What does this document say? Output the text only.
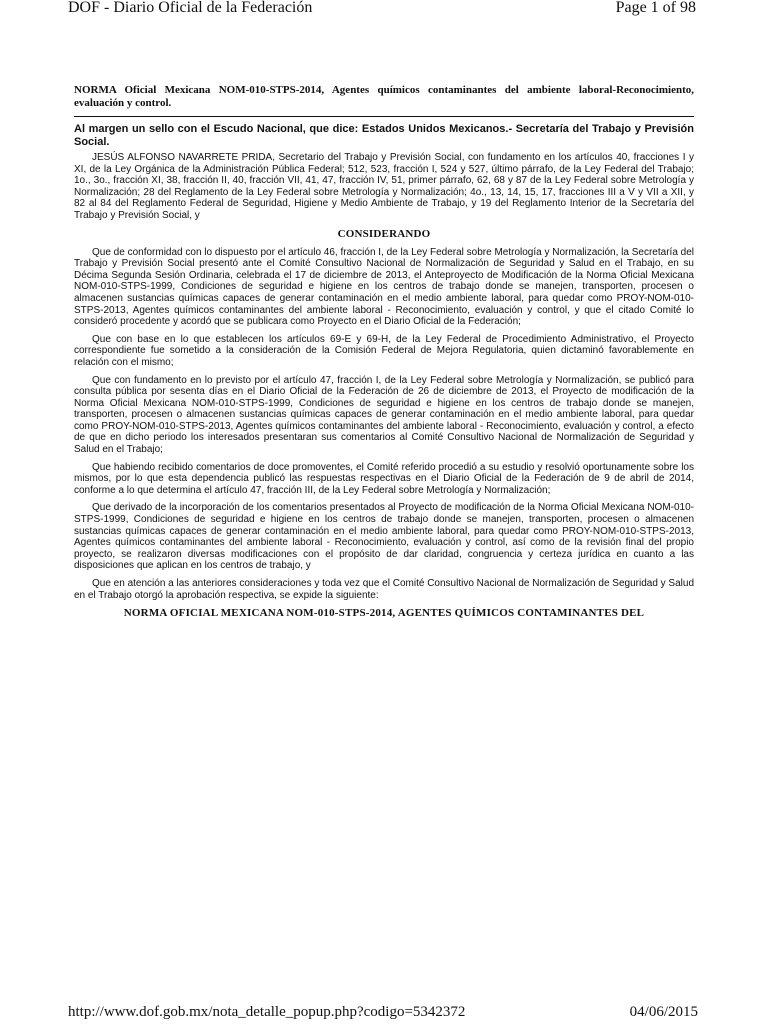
DOF - Diario Oficial de la Federación	Page 1 of 98

NORMA Oficial Mexicana NOM-010-STPS-2014, Agentes químicos contaminantes del ambiente laboral-Reconocimiento, evaluación y control.

Al margen un sello con el Escudo Nacional, que dice: Estados Unidos Mexicanos.- Secretaría del Trabajo y Previsión Social.

JESÚS ALFONSO NAVARRETE PRIDA, Secretario del Trabajo y Previsión Social, con fundamento en los artículos 40, fracciones I y XI, de la Ley Orgánica de la Administración Pública Federal; 512, 523, fracción I, 524 y 527, último párrafo, de la Ley Federal del Trabajo; 1o., 3o., fracción XI, 38, fracción II, 40, fracción VII, 41, 47, fracción IV, 51, primer párrafo, 62, 68 y 87 de la Ley Federal sobre Metrología y Normalización; 28 del Reglamento de la Ley Federal sobre Metrología y Normalización; 4o., 13, 14, 15, 17, fracciones III a V y VII a XII, y 82 al 84 del Reglamento Federal de Seguridad, Higiene y Medio Ambiente de Trabajo, y 19 del Reglamento Interior de la Secretaría del Trabajo y Previsión Social, y

CONSIDERANDO

Que de conformidad con lo dispuesto por el artículo 46, fracción I, de la Ley Federal sobre Metrología y Normalización, la Secretaría del Trabajo y Previsión Social presentó ante el Comité Consultivo Nacional de Normalización de Seguridad y Salud en el Trabajo, en su Décima Segunda Sesión Ordinaria, celebrada el 17 de diciembre de 2013, el Anteproyecto de Modificación de la Norma Oficial Mexicana NOM-010-STPS-1999, Condiciones de seguridad e higiene en los centros de trabajo donde se manejen, transporten, procesen o almacenen sustancias químicas capaces de generar contaminación en el medio ambiente laboral, para quedar como PROY-NOM-010-STPS-2013, Agentes químicos contaminantes del ambiente laboral - Reconocimiento, evaluación y control, y que el citado Comité lo consideró procedente y acordó que se publicara como Proyecto en el Diario Oficial de la Federación;

Que con base en lo que establecen los artículos 69-E y 69-H, de la Ley Federal de Procedimiento Administrativo, el Proyecto correspondiente fue sometido a la consideración de la Comisión Federal de Mejora Regulatoria, quien dictaminó favorablemente en relación con el mismo;

Que con fundamento en lo previsto por el artículo 47, fracción I, de la Ley Federal sobre Metrología y Normalización, se publicó para consulta pública por sesenta días en el Diario Oficial de la Federación de 26 de diciembre de 2013, el Proyecto de modificación de la Norma Oficial Mexicana NOM-010-STPS-1999, Condiciones de seguridad e higiene en los centros de trabajo donde se manejen, transporten, procesen o almacenen sustancias químicas capaces de generar contaminación en el medio ambiente laboral, para quedar como PROY-NOM-010-STPS-2013, Agentes químicos contaminantes del ambiente laboral - Reconocimiento, evaluación y control, a efecto de que en dicho periodo los interesados presentaran sus comentarios al Comité Consultivo Nacional de Normalización de Seguridad y Salud en el Trabajo;

Que habiendo recibido comentarios de doce promoventes, el Comité referido procedió a su estudio y resolvió oportunamente sobre los mismos, por lo que esta dependencia publicó las respuestas respectivas en el Diario Oficial de la Federación de 9 de abril de 2014, conforme a lo que determina el artículo 47, fracción III, de la Ley Federal sobre Metrología y Normalización;

Que derivado de la incorporación de los comentarios presentados al Proyecto de modificación de la Norma Oficial Mexicana NOM-010-STPS-1999, Condiciones de seguridad e higiene en los centros de trabajo donde se manejen, transporten, procesen o almacenen sustancias químicas capaces de generar contaminación en el medio ambiente laboral, para quedar como PROY-NOM-010-STPS-2013, Agentes químicos contaminantes del ambiente laboral - Reconocimiento, evaluación y control, así como de la revisión final del propio proyecto, se realizaron diversas modificaciones con el propósito de dar claridad, congruencia y certeza jurídica en cuanto a las disposiciones que aplican en los centros de trabajo, y

Que en atención a las anteriores consideraciones y toda vez que el Comité Consultivo Nacional de Normalización de Seguridad y Salud en el Trabajo otorgó la aprobación respectiva, se expide la siguiente:

NORMA OFICIAL MEXICANA NOM-010-STPS-2014, AGENTES QUÍMICOS CONTAMINANTES DEL
http://www.dof.gob.mx/nota_detalle_popup.php?codigo=5342372	04/06/2015
